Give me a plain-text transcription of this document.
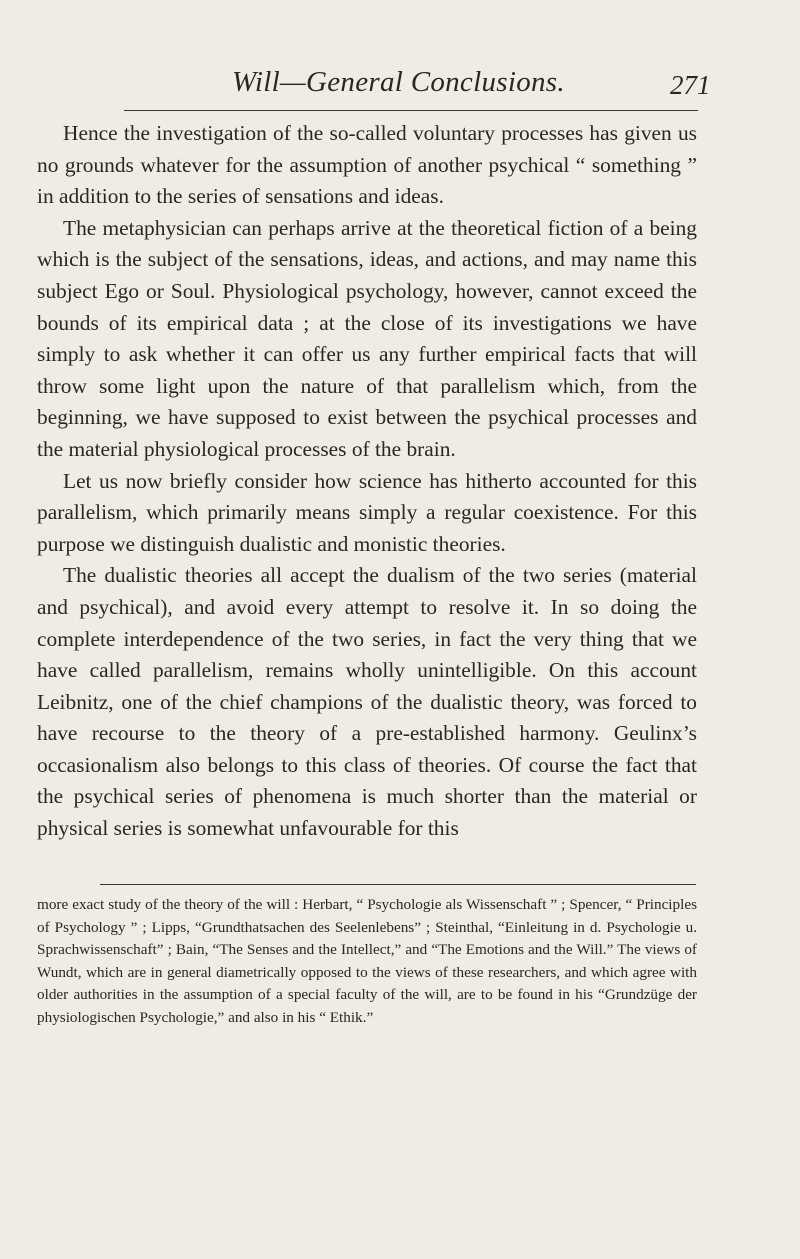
Will—General Conclusions.	271

Hence the investigation of the so-called voluntary processes has given us no grounds whatever for the assumption of another psychical “ something ” in addition to the series of sensations and ideas.

The metaphysician can perhaps arrive at the theoretical fiction of a being which is the subject of the sensations, ideas, and actions, and may name this subject Ego or Soul. Physiological psychology, however, cannot exceed the bounds of its empirical data ; at the close of its investigations we have simply to ask whether it can offer us any further empirical facts that will throw some light upon the nature of that parallelism which, from the beginning, we have supposed to exist between the psychical processes and the material physiological processes of the brain.

Let us now briefly consider how science has hitherto accounted for this parallelism, which primarily means simply a regular coexistence. For this purpose we distinguish dualistic and monistic theories.

The dualistic theories all accept the dualism of the two series (material and psychical), and avoid every attempt to resolve it. In so doing the complete interdependence of the two series, in fact the very thing that we have called parallelism, remains wholly unintelligible. On this account Leibnitz, one of the chief champions of the dualistic theory, was forced to have recourse to the theory of a pre-established harmony. Geulinx’s occasionalism also belongs to this class of theories. Of course the fact that the psychical series of phenomena is much shorter than the material or physical series is somewhat unfavourable for this

more exact study of the theory of the will : Herbart, “ Psychologie als Wissenschaft ” ; Spencer, “ Principles of Psychology ” ; Lipps, “Grundthatsachen des Seelenlebens” ; Steinthal, “Einleitung in d. Psychologie u. Sprachwissenschaft” ; Bain, “The Senses and the Intellect,” and “The Emotions and the Will.” The views of Wundt, which are in general diametrically opposed to the views of these researchers, and which agree with older authorities in the assumption of a special faculty of the will, are to be found in his “Grundzüge der physiologischen Psychologie,” and also in his “ Ethik.”
